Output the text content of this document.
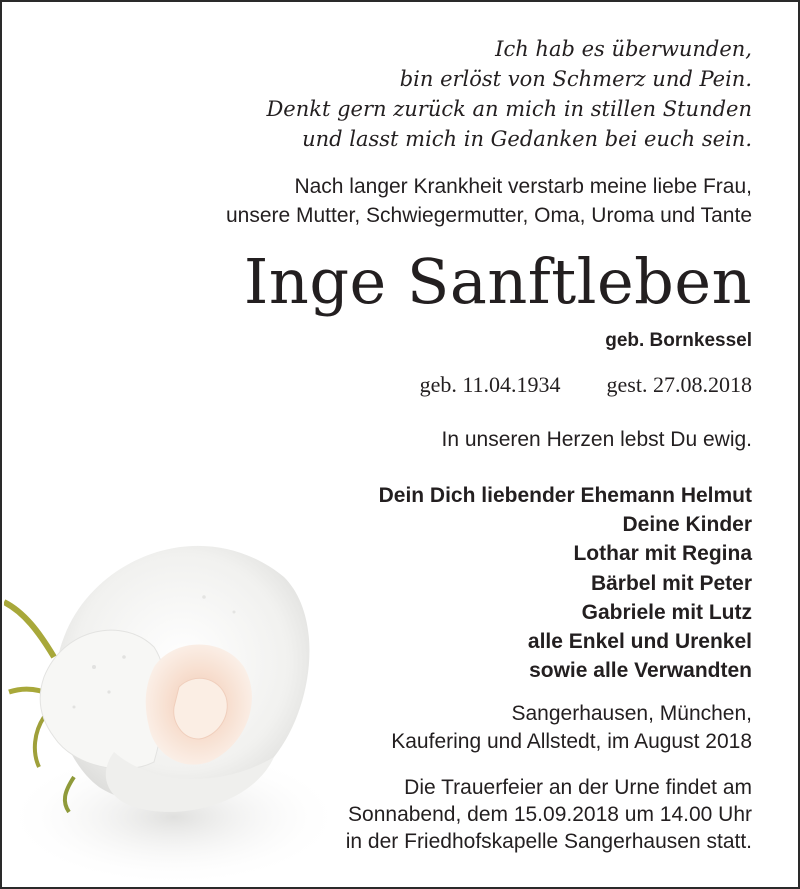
Ich hab es überwunden,
bin erlöst von Schmerz und Pein.
Denkt gern zurück an mich in stillen Stunden
und lasst mich in Gedanken bei euch sein.
Nach langer Krankheit verstarb meine liebe Frau,
unsere Mutter, Schwiegermutter, Oma, Uroma und Tante
Inge Sanftleben
geb. Bornkessel
geb. 11.04.1934 gest. 27.08.2018
In unseren Herzen lebst Du ewig.
Dein Dich liebender Ehemann Helmut
Deine Kinder
Lothar mit Regina
Bärbel mit Peter
Gabriele mit Lutz
alle Enkel und Urenkel
sowie alle Verwandten
Sangerhausen, München,
Kaufering und Allstedt, im August 2018
Die Trauerfeier an der Urne findet am
Sonnabend, dem 15.09.2018 um 14.00 Uhr
in der Friedhofskapelle Sangerhausen statt.
